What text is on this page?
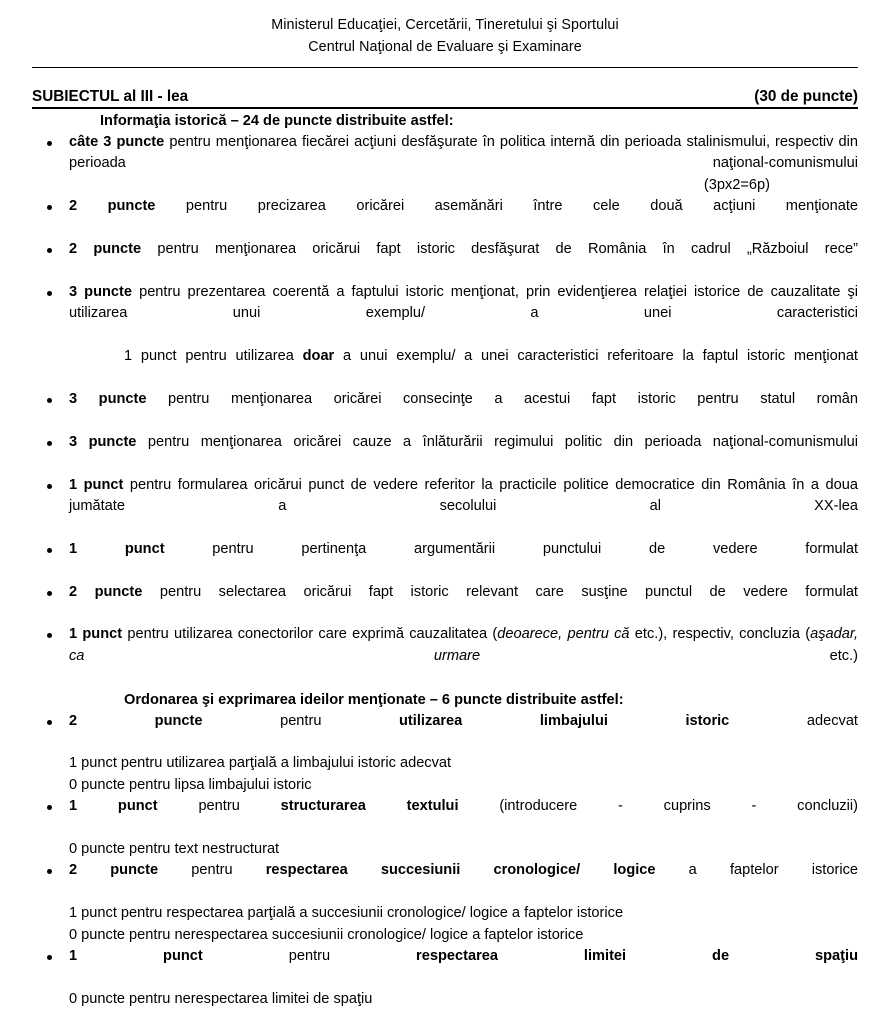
Ministerul Educaţiei, Cercetării, Tineretului şi Sportului
Centrul Naţional de Evaluare şi Examinare
SUBIECTUL al III - lea	(30 de puncte)
Informaţia istorică – 24 de puncte distribuite astfel:
câte 3 puncte pentru menţionarea fiecărei acţiuni desfăşurate în politica internă din perioada stalinismului, respectiv din perioada naţional-comunismului
(3px2=6p)
2 puncte pentru precizarea oricărei asemănări între cele două acţiuni menţionate
2 puncte pentru menţionarea oricărui fapt istoric desfăşurat de România în cadrul „Războiul rece”
3 puncte pentru prezentarea coerentă a faptului istoric menţionat, prin evidenţierea relaţiei istorice de cauzalitate şi utilizarea unui exemplu/ a unei caracteristici
1 punct pentru utilizarea doar a unui exemplu/ a unei caracteristici referitoare la faptul istoric menţionat
3 puncte pentru menţionarea oricărei consecinţe a acestui fapt istoric pentru statul român
3 puncte pentru menţionarea oricărei cauze a înlăturării regimului politic din perioada naţional-comunismului
1 punct pentru formularea oricărui punct de vedere referitor la practicile politice democratice din România în a doua jumătate a secolului al XX-lea
1 punct pentru pertinenţa argumentării punctului de vedere formulat
2 puncte pentru selectarea oricărui fapt istoric relevant care susţine punctul de vedere formulat
1 punct pentru utilizarea conectorilor care exprimă cauzalitatea (deoarece, pentru că etc.), respectiv, concluzia (aşadar, ca urmare etc.)
Ordonarea şi exprimarea ideilor menţionate – 6 puncte distribuite astfel:
2 puncte pentru utilizarea limbajului istoric adecvat
1 punct pentru utilizarea parţială a limbajului istoric adecvat
0 puncte pentru lipsa limbajului istoric
1 punct pentru structurarea textului (introducere - cuprins - concluzii)
0 puncte pentru text nestructurat
2 puncte pentru respectarea succesiunii cronologice/ logice a faptelor istorice
1 punct pentru respectarea parţială a succesiunii cronologice/ logice a faptelor istorice
0 puncte pentru nerespectarea succesiunii cronologice/ logice a faptelor istorice
1 punct pentru respectarea limitei de spaţiu
0 puncte pentru nerespectarea limitei de spaţiu
